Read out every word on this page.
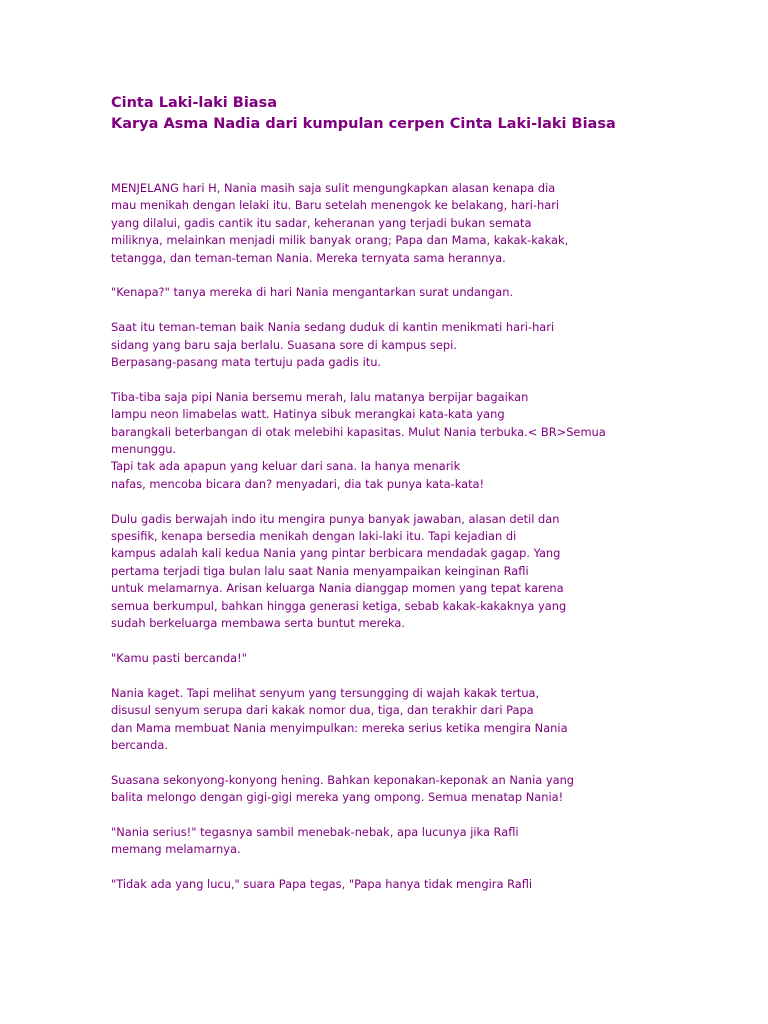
Cinta Laki-laki Biasa
Karya Asma Nadia dari kumpulan cerpen Cinta Laki-laki Biasa
MENJELANG hari H, Nania masih saja sulit mengungkapkan alasan kenapa dia
mau menikah dengan lelaki itu. Baru setelah menengok ke belakang, hari-hari
yang dilalui, gadis cantik itu sadar, keheranan yang terjadi bukan semata
miliknya, melainkan menjadi milik banyak orang; Papa dan Mama, kakak-kakak,
tetangga, dan teman-teman Nania. Mereka ternyata sama herannya.
"Kenapa?" tanya mereka di hari Nania mengantarkan surat undangan.
Saat itu teman-teman baik Nania sedang duduk di kantin menikmati hari-hari
sidang yang baru saja berlalu. Suasana sore di kampus sepi.
Berpasang-pasang mata tertuju pada gadis itu.
Tiba-tiba saja pipi Nania bersemu merah, lalu matanya berpijar bagaikan
lampu neon limabelas watt. Hatinya sibuk merangkai kata-kata yang
barangkali beterbangan di otak melebihi kapasitas. Mulut Nania terbuka.< BR>Semua
menunggu.
Tapi tak ada apapun yang keluar dari sana. Ia hanya menarik
nafas, mencoba bicara dan? menyadari, dia tak punya kata-kata!
Dulu gadis berwajah indo itu mengira punya banyak jawaban, alasan detil dan
spesifik, kenapa bersedia menikah dengan laki-laki itu. Tapi kejadian di
kampus adalah kali kedua Nania yang pintar berbicara mendadak gagap. Yang
pertama terjadi tiga bulan lalu saat Nania menyampaikan keinginan Rafli
untuk melamarnya. Arisan keluarga Nania dianggap momen yang tepat karena
semua berkumpul, bahkan hingga generasi ketiga, sebab kakak-kakaknya yang
sudah berkeluarga membawa serta buntut mereka.
"Kamu pasti bercanda!"
Nania kaget. Tapi melihat senyum yang tersungging di wajah kakak tertua,
disusul senyum serupa dari kakak nomor dua, tiga, dan terakhir dari Papa
dan Mama membuat Nania menyimpulkan: mereka serius ketika mengira Nania
bercanda.
Suasana sekonyong-konyong hening. Bahkan keponakan-keponak an Nania yang
balita melongo dengan gigi-gigi mereka yang ompong. Semua menatap Nania!
"Nania serius!" tegasnya sambil menebak-nebak, apa lucunya jika Rafli
memang melamarnya.
"Tidak ada yang lucu," suara Papa tegas, "Papa hanya tidak mengira Rafli
